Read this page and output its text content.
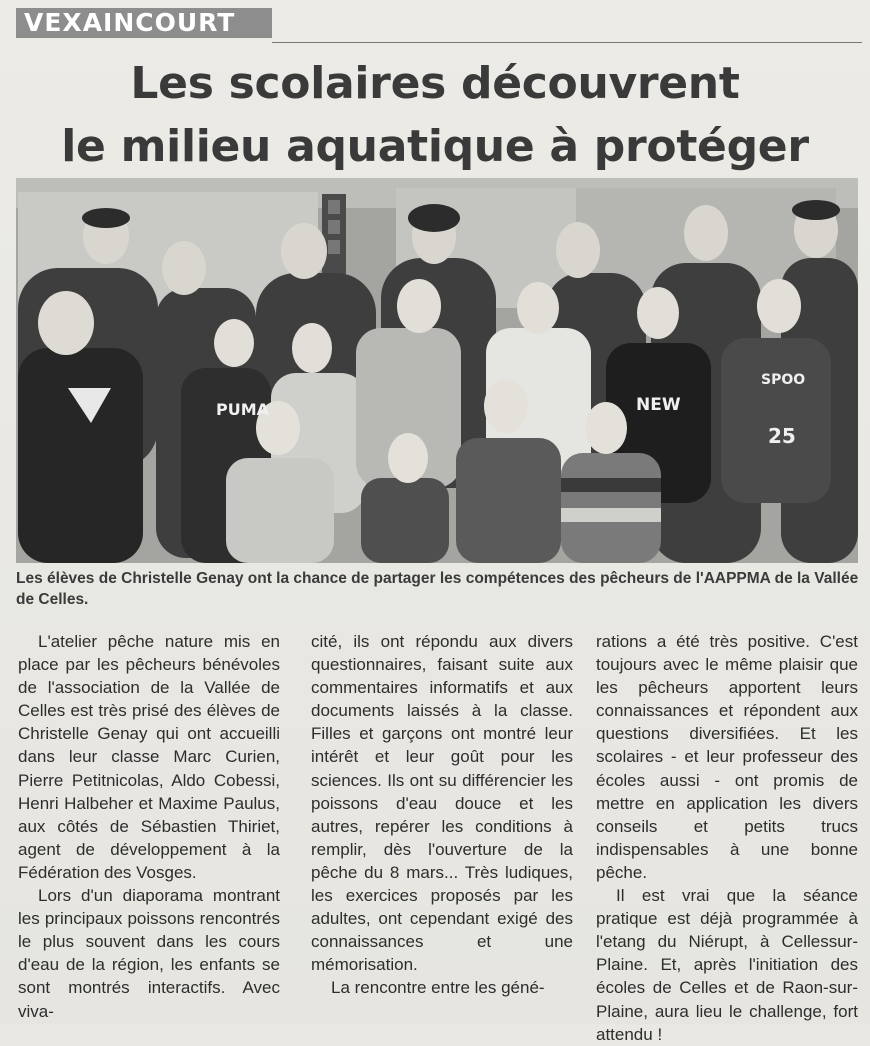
VEXAINCOURT
Les scolaires découvrent
le milieu aquatique à protéger
PUMA	NEW
SPOO
25
Les élèves de Christelle Genay ont la chance de partager les compétences des pêcheurs de l'AAPPMA de la Vallée de Celles.

L'atelier pêche nature mis en place par les pêcheurs bénévoles de l'association de la Vallée de Celles est très prisé des élèves de Christelle Genay qui ont accueilli dans leur classe Marc Curien, Pierre Petitnicolas, Aldo Cobessi, Henri Halbeher et Maxime Paulus, aux côtés de Sébastien Thiriet, agent de développement à la Fédération des Vosges.

Lors d'un diaporama montrant les principaux poissons rencontrés le plus souvent dans les cours d'eau de la région, les enfants se sont montrés interactifs. Avec viva-

cité, ils ont répondu aux divers questionnaires, faisant suite aux commentaires informatifs et aux documents laissés à la classe. Filles et garçons ont montré leur intérêt et leur goût pour les sciences. Ils ont su différencier les poissons d'eau douce et les autres, repérer les conditions à remplir, dès l'ouverture de la pêche du 8 mars... Très ludiques, les exercices proposés par les adultes, ont cependant exigé des connaissances et une mémorisation.

La rencontre entre les géné-

rations a été très positive. C'est toujours avec le même plaisir que les pêcheurs apportent leurs connaissances et répondent aux questions diversifiées. Et les scolaires - et leur professeur des écoles aussi - ont promis de mettre en application les divers conseils et petits trucs indispensables à une bonne pêche.

Il est vrai que la séance pratique est déjà programmée à l'etang du Niérupt, à Cellessur-Plaine. Et, après l'initiation des écoles de Celles et de Raon-sur-Plaine, aura lieu le challenge, fort attendu !
